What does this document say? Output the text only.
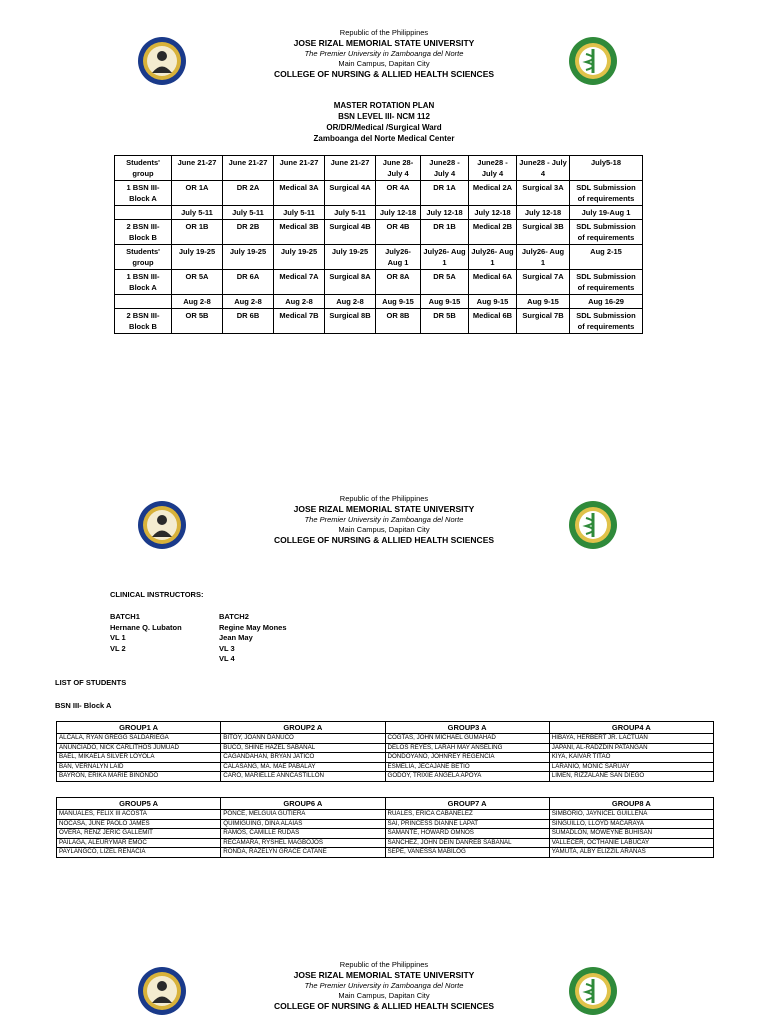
Republic of the Philippines
JOSE RIZAL MEMORIAL STATE UNIVERSITY
The Premier University in Zamboanga del Norte
Main Campus, Dapitan City
COLLEGE OF NURSING & ALLIED HEALTH SCIENCES
MASTER ROTATION PLAN
BSN LEVEL III- NCM 112
OR/DR/Medical /Surgical Ward
Zamboanga del Norte Medical Center
Students' group	June 21-27	June 21-27	June 21-27	June 21-27	June 28-July 4	June28 - July 4	June28 - July 4	June28 - July 4	July5-18
1 BSN III- Block A	OR 1A	DR 2A	Medical 3A	Surgical 4A	OR 4A	DR 1A	Medical 2A	Surgical 3A	SDL Submission of requirements
	July 5-11	July 5-11	July 5-11	July 5-11	July 12-18	July 12-18	July 12-18	July 12-18	July 19-Aug 1
2 BSN III- Block B	OR 1B	DR 2B	Medical 3B	Surgical 4B	OR 4B	DR 1B	Medical 2B	Surgical 3B	SDL Submission of requirements
Students' group	July 19-25	July 19-25	July 19-25	July 19-25	July26- Aug 1	July26- Aug 1	July26- Aug 1	July26- Aug 1	Aug 2-15
1 BSN III- Block A	OR 5A	DR 6A	Medical 7A	Surgical 8A	OR 8A	DR 5A	Medical 6A	Surgical 7A	SDL Submission of requirements
	Aug 2-8	Aug 2-8	Aug 2-8	Aug 2-8	Aug 9-15	Aug 9-15	Aug 9-15	Aug 9-15	Aug 16-29
2 BSN III- Block B	OR 5B	DR 6B	Medical 7B	Surgical 8B	OR 8B	DR 5B	Medical 6B	Surgical 7B	SDL Submission of requirements
Republic of the Philippines
JOSE RIZAL MEMORIAL STATE UNIVERSITY
The Premier University in Zamboanga del Norte
Main Campus, Dapitan City
COLLEGE OF NURSING & ALLIED HEALTH SCIENCES
CLINICAL INSTRUCTORS:
BATCH1
Hernane Q. Lubaton
VL 1
VL 2
BATCH2
Regine May Mones
Jean May
VL 3
VL 4
LIST OF STUDENTS
BSN III- Block A
GROUP1 A	GROUP2 A	GROUP3 A	GROUP4 A
ALCALA, RYAN GREGG SALDARIEGA	BITOY, JOANN DANUCO	COGTAS, JOHN MICHAEL GUMAHAD	HIBAYA, HERBERT JR. LACTUAN
ANUNCIADO, NICK CARLITHOS JUMUAD	BUCO, SHINE HAZEL SABANAL	DELOS REYES, LARAH MAY ANSELING	JAPANI, AL-RADZDIN PATANGAN
BAEL, MIKAELA SILVER LOYOLA	CAGANDAHAN, BRYAN JATICO	DONDOYANO, JOHNREY REGENCIA	KIYA, KAIVAR TITAO
BAN, VERNALYN LAID	CALASANG, MA. MAE PABALAY	ESMELIA, JECAJANE BETIO	LARANIO, MONIC SARUAY
BAYRON, ERIKA MARIE BINONDO	CARO, MARIELLE ANNCASTILLON	GODOY, TRIXIE ANGELA APOYA	LIMEN, RIZZALANE SAN DIEGO
GROUP5 A	GROUP6 A	GROUP7 A	GROUP8 A
MANUALES, FELIX III ACOSTA	PONCE, MELGUIA GUTIERA	RUALES, ERICA CABAÑELEZ	SIMBORIO, JAYNICEL GUILLENA
NOCASA, JUNE PAOLO JAMES	QUIMIGUING, DINA ALAIAS	SAI, PRINCESS DIANNE LAPAT	SINGUILLO, LLOYD MACARAYA
OVERA, RENZ JERIC GALLEMIT	RAMOS, CAMILLE RUDAS	SAMANTE, HOWARD OMNOS	SUMADLON, MOWEYNE BUHISAN
PAILAGA, ALEURYMAR EMOC	RECAMARA, RYSHEL MAGBOJOS	SANCHEZ, JOHN DEIN DANREB SABANAL	VALLECER, OCTHANIE LABUCAY
PAYLANGCO, LIZEL RENACIA	RONDA, RAZELYN GRACE CATANE	SEPE, VANESSA MABILOG	YAMUTA, ALBY ELIZZIL ARANAS
Republic of the Philippines
JOSE RIZAL MEMORIAL STATE UNIVERSITY
The Premier University in Zamboanga del Norte
Main Campus, Dapitan City
COLLEGE OF NURSING & ALLIED HEALTH SCIENCES
